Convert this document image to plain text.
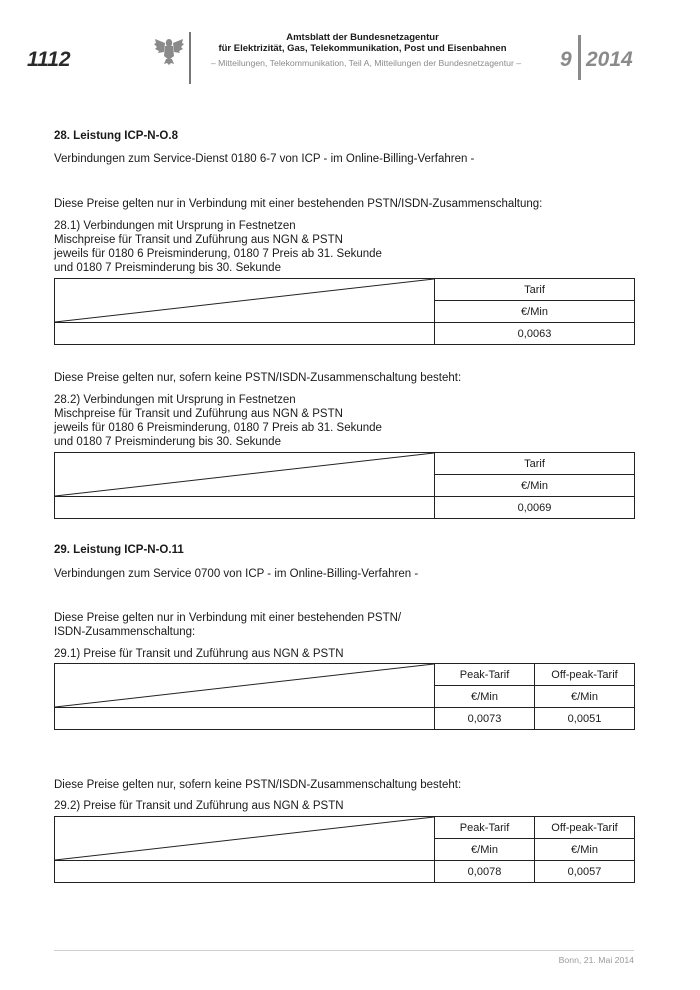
1112
Amtsblatt der Bundesnetzagentur
für Elektrizität, Gas, Telekommunikation, Post und Eisenbahnen
– Mitteilungen, Telekommunikation, Teil A, Mitteilungen der Bundesnetzagentur –	9 2014
28. Leistung ICP-N-O.8
Verbindungen zum Service-Dienst 0180 6-7 von ICP - im Online-Billing-Verfahren -
Diese Preise gelten nur in Verbindung mit einer bestehenden PSTN/ISDN-Zusammenschaltung:
28.1) Verbindungen mit Ursprung in Festnetzen
Mischpreise für Transit und Zuführung aus NGN & PSTN
jeweils für 0180 6 Preisminderung, 0180 7 Preis ab 31. Sekunde
und 0180 7 Preisminderung bis 30. Sekunde
	Tarif
	€/Min
	0,0063
Diese Preise gelten nur, sofern keine PSTN/ISDN-Zusammenschaltung besteht:
28.2) Verbindungen mit Ursprung in Festnetzen
Mischpreise für Transit und Zuführung aus NGN & PSTN
jeweils für 0180 6 Preisminderung, 0180 7 Preis ab 31. Sekunde
und 0180 7 Preisminderung bis 30. Sekunde
	Tarif
	€/Min
	0,0069
29. Leistung ICP-N-O.11
Verbindungen zum Service 0700 von ICP - im Online-Billing-Verfahren -
Diese Preise gelten nur in Verbindung mit einer bestehenden PSTN/
ISDN-Zusammenschaltung:
29.1) Preise für Transit und Zuführung aus NGN & PSTN
	Peak-Tarif	Off-peak-Tarif
	€/Min	€/Min
	0,0073	0,0051
Diese Preise gelten nur, sofern keine PSTN/ISDN-Zusammenschaltung besteht:
29.2) Preise für Transit und Zuführung aus NGN & PSTN
	Peak-Tarif	Off-peak-Tarif
	€/Min	€/Min
	0,0078	0,0057
Bonn, 21. Mai 2014
